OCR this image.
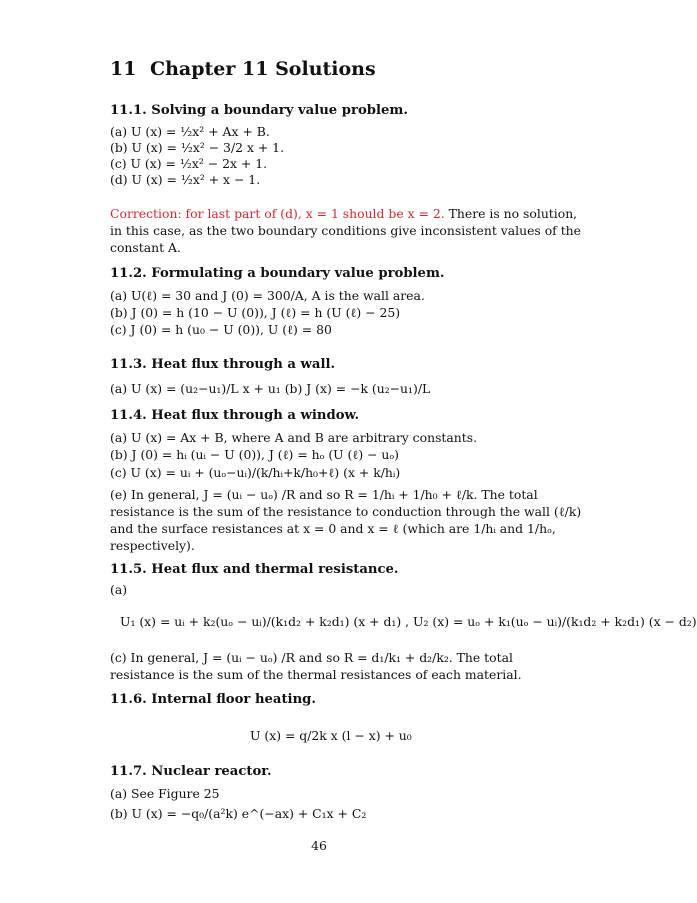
11 Chapter 11 Solutions
11.1. Solving a boundary value problem.
(a) U (x) = ½x² + Ax + B.
(b) U (x) = ½x² − 3/2 x + 1.
(c) U (x) = ½x² − 2x + 1.
(d) U (x) = ½x² + x − 1.
Correction: for last part of (d), x = 1 should be x = 2. There is no solution,
in this case, as the two boundary conditions give inconsistent values of the
constant A.
11.2. Formulating a boundary value problem.
(a) U(ℓ) = 30 and J (0) = 300/A, A is the wall area.
(b) J (0) = h (10 − U (0)), J (ℓ) = h (U (ℓ) − 25)
(c) J (0) = h (u₀ − U (0)), U (ℓ) = 80
11.3. Heat flux through a wall.
(a) U (x) = (u₂−u₁)/L x + u₁ (b) J (x) = −k (u₂−u₁)/L
11.4. Heat flux through a window.
(a) U (x) = Ax + B, where A and B are arbitrary constants.
(b) J (0) = hᵢ (uᵢ − U (0)), J (ℓ) = hₒ (U (ℓ) − uₒ)
(c) U (x) = uᵢ + (uₒ−uᵢ)/(k/hᵢ+k/h₀+ℓ) (x + k/hᵢ)
(e) In general, J = (uᵢ − uₒ) /R and so R = 1/hᵢ + 1/h₀ + ℓ/k. The total
resistance is the sum of the resistance to conduction through the wall (ℓ/k)
and the surface resistances at x = 0 and x = ℓ (which are 1/hᵢ and 1/hₒ,
respectively).
11.5. Heat flux and thermal resistance.
(a)
U₁ (x) = uᵢ + k₂(uₒ − uᵢ)/(k₁d₂ + k₂d₁) (x + d₁) , U₂ (x) = uₒ + k₁(uₒ − uᵢ)/(k₁d₂ + k₂d₁) (x − d₂)
(c) In general, J = (uᵢ − uₒ) /R and so R = d₁/k₁ + d₂/k₂. The total
resistance is the sum of the thermal resistances of each material.
11.6. Internal floor heating.
U (x) = q/2k x (l − x) + u₀
11.7. Nuclear reactor.
(a) See Figure 25
(b) U (x) = −q₀/(a²k) e^(−ax) + C₁x + C₂
46
